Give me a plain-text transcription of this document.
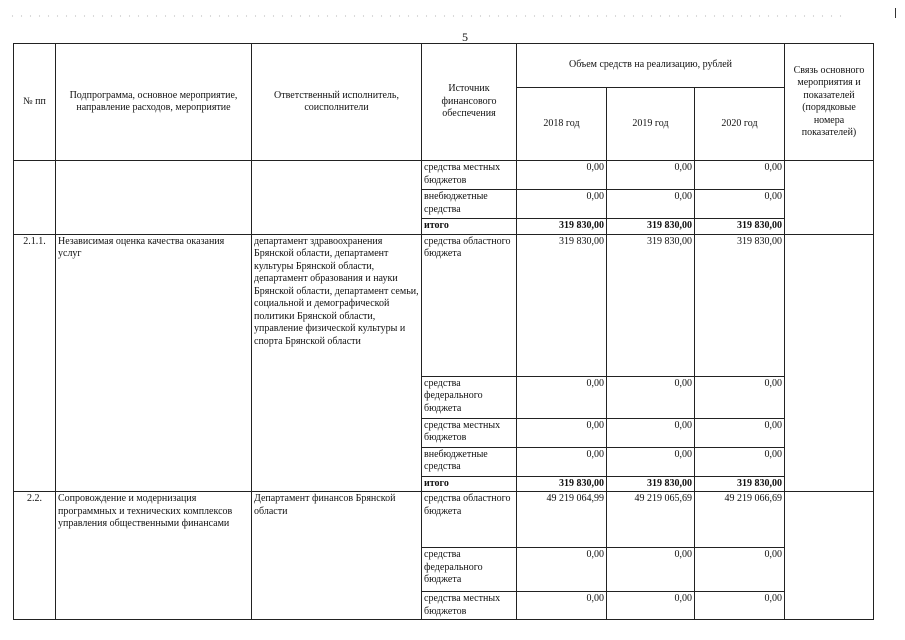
5
№ пп	Подпрограмма, основное мероприятие, направление расходов, мероприятие	Ответственный исполнитель, соисполнители	Источник финансового обеспечения	Объем средств на реализацию, рублей			Связь основного мероприятия и показателей (порядковые номера показателей)
				2018 год	2019 год	2020 год	
			средства местных бюджетов	0,00	0,00	0,00	
			внебюджетные средства	0,00	0,00	0,00	
			итого	319 830,00	319 830,00	319 830,00	
2.1.1.	Независимая оценка качества оказания услуг	департамент здравоохранения Брянской области, департамент культуры Брянской области, департамент образования и науки Брянской области, департамент семьи, социальной и демографической политики Брянской области, управление физической культуры и спорта Брянской области	средства областного бюджета	319 830,00	319 830,00	319 830,00	
			средства федерального бюджета	0,00	0,00	0,00	
			средства местных бюджетов	0,00	0,00	0,00	
			внебюджетные средства	0,00	0,00	0,00	
			итого	319 830,00	319 830,00	319 830,00	
2.2.	Сопровождение и модернизация программных и технических комплексов управления общественными финансами	Департамент финансов Брянской области	средства областного бюджета	49 219 064,99	49 219 065,69	49 219 066,69	
			средства федерального бюджета	0,00	0,00	0,00	
			средства местных бюджетов	0,00	0,00	0,00	
